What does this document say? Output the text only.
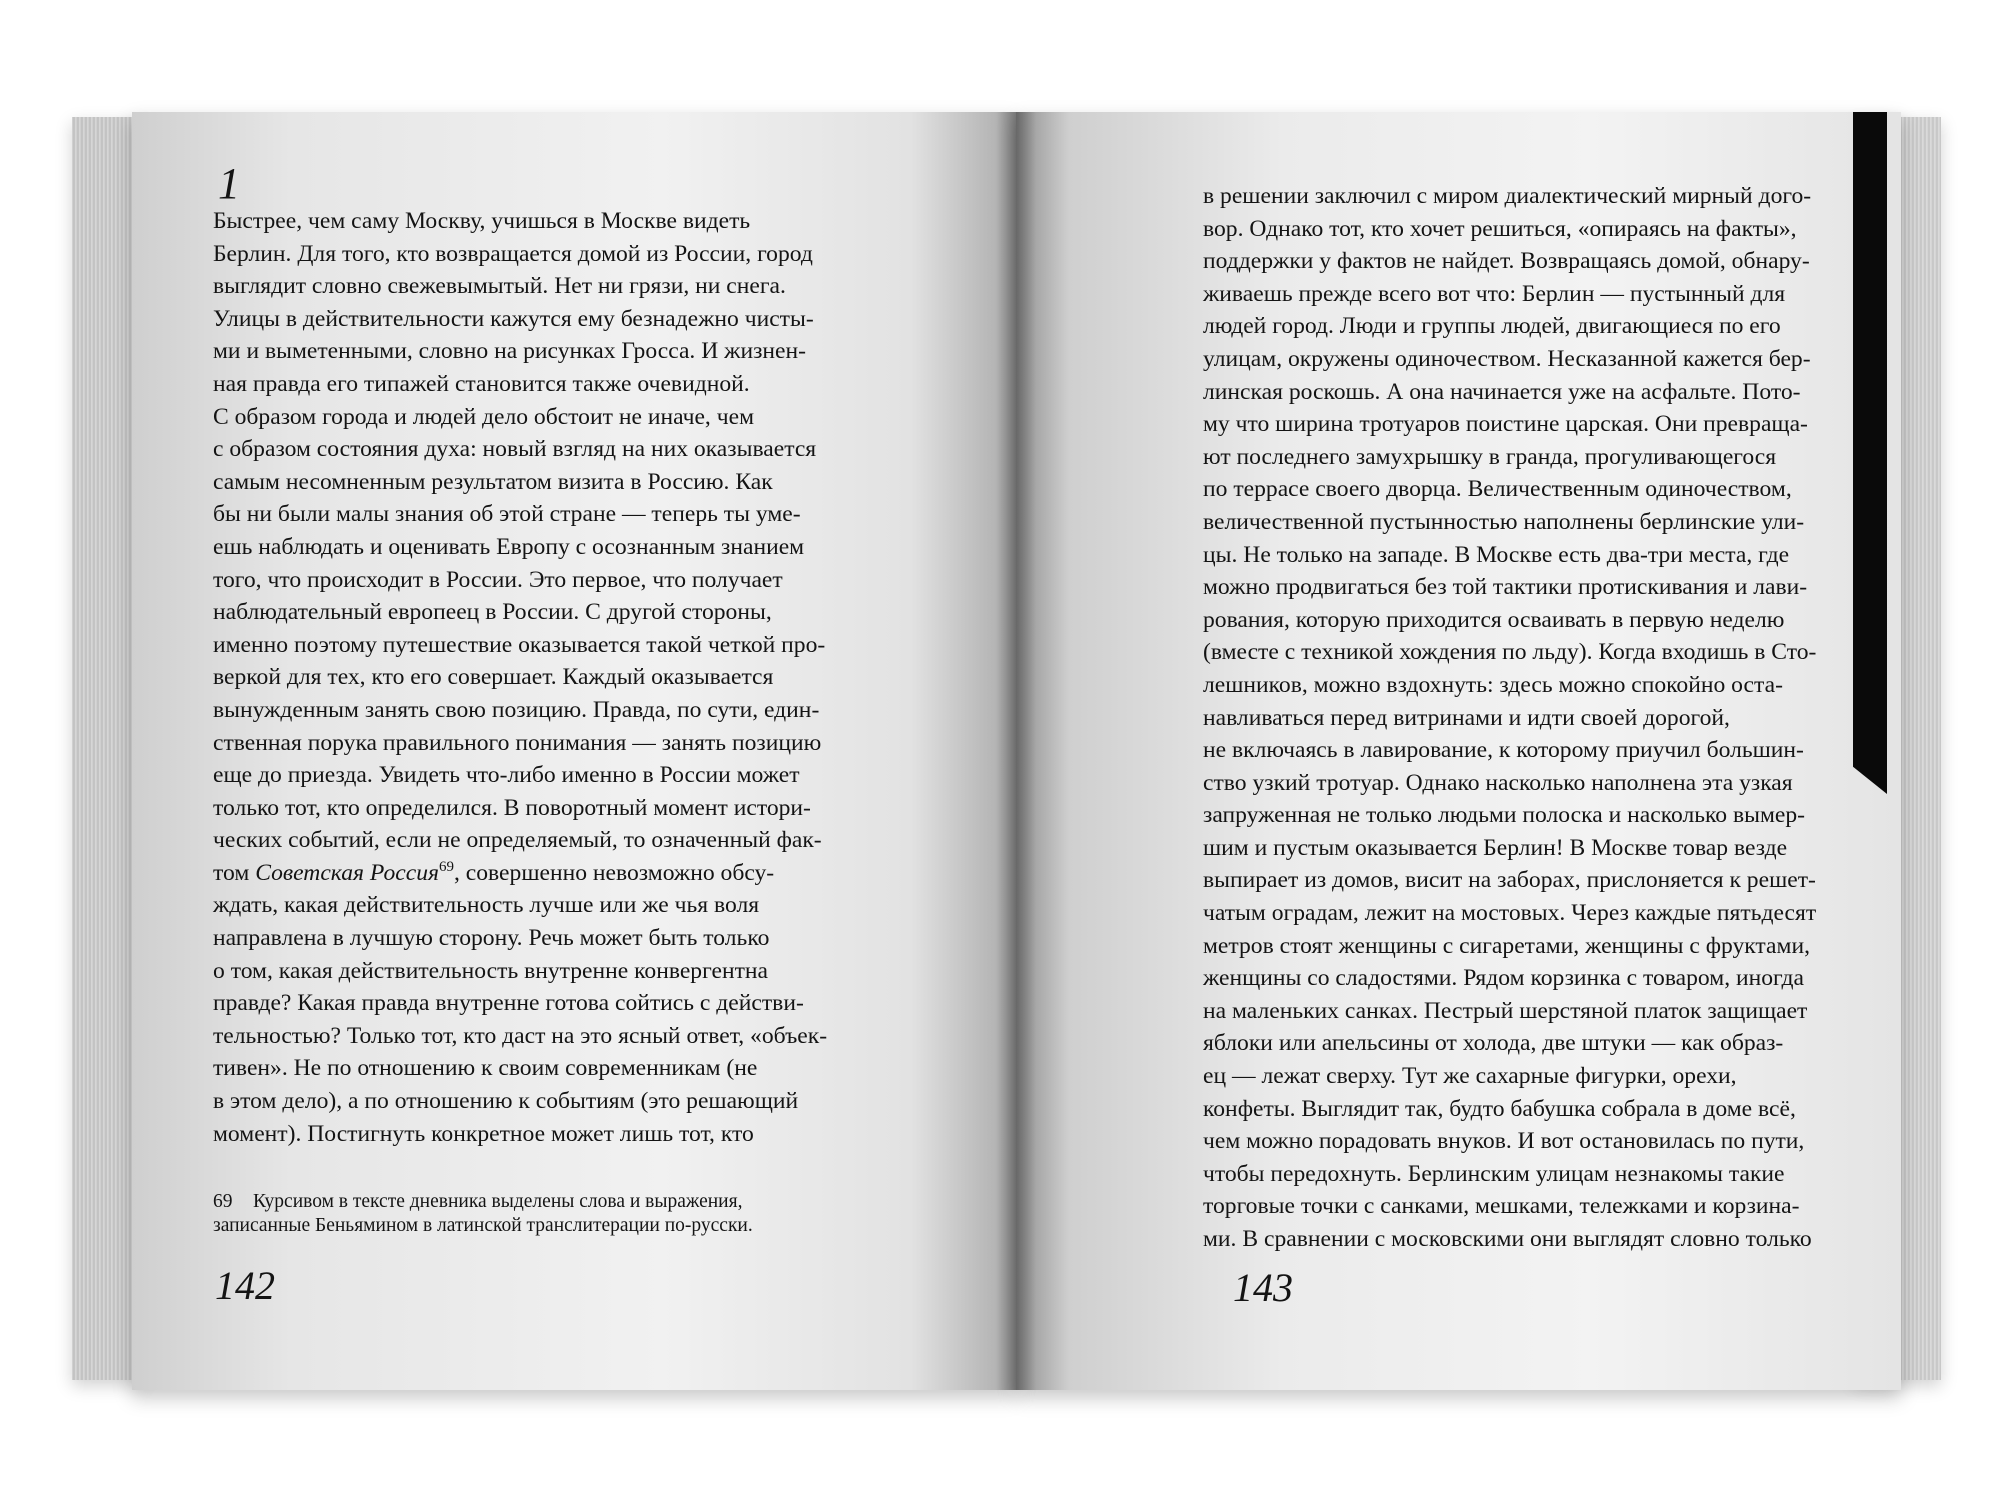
1

Быстрее, чем саму Москву, учишься в Москве видеть
Берлин. Для того, кто возвращается домой из России, город
выглядит словно свежевымытый. Нет ни грязи, ни снега.
Улицы в действительности кажутся ему безнадежно чисты-
ми и выметенными, словно на рисунках Гросса. И жизнен-
ная правда его типажей становится также очевидной.
С образом города и людей дело обстоит не иначе, чем
с образом состояния духа: новый взгляд на них оказывается
самым несомненным результатом визита в Россию. Как
бы ни были малы знания об этой стране — теперь ты уме-
ешь наблюдать и оценивать Европу с осознанным знанием
того, что происходит в России. Это первое, что получает
наблюдательный европеец в России. С другой стороны,
именно поэтому путешествие оказывается такой четкой про-
веркой для тех, кто его совершает. Каждый оказывается
вынужденным занять свою позицию. Правда, по сути, един-
ственная порука правильного понимания — занять позицию
еще до приезда. Увидеть что-либо именно в России может
только тот, кто определился. В поворотный момент истори-
ческих событий, если не определяемый, то означенный фак-
том Советская Россия$^{69}$, совершенно невозможно обсу-
ждать, какая действительность лучше или же чья воля
направлена в лучшую сторону. Речь может быть только
о том, какая действительность внутренне конвергентна
правде? Какая правда внутренне готова сойтись с действи-
тельностью? Только тот, кто даст на это ясный ответ, «объек-
тивен». Не по отношению к своим современникам (не
в этом дело), а по отношению к событиям (это решающий
момент). Постигнуть конкретное может лишь тот, кто
69 Курсивом в тексте дневника выделены слова и выражения,
записанные Беньямином в латинской транслитерации по-русски.

142

в решении заключил с миром диалектический мирный дого-
вор. Однако тот, кто хочет решиться, «опираясь на факты»,
поддержки у фактов не найдет. Возвращаясь домой, обнару-
живаешь прежде всего вот что: Берлин — пустынный для
людей город. Люди и группы людей, двигающиеся по его
улицам, окружены одиночеством. Несказанной кажется бер-
линская роскошь. А она начинается уже на асфальте. Пото-
му что ширина тротуаров поистине царская. Они превраща-
ют последнего замухрышку в гранда, прогуливающегося
по террасе своего дворца. Величественным одиночеством,
величественной пустынностью наполнены берлинские ули-
цы. Не только на западе. В Москве есть два-три места, где
можно продвигаться без той тактики протискивания и лави-
рования, которую приходится осваивать в первую неделю
(вместе с техникой хождения по льду). Когда входишь в Сто-
лешников, можно вздохнуть: здесь можно спокойно оста-
навливаться перед витринами и идти своей дорогой,
не включаясь в лавирование, к которому приучил большин-
ство узкий тротуар. Однако насколько наполнена эта узкая
запруженная не только людьми полоска и насколько вымер-
шим и пустым оказывается Берлин! В Москве товар везде
выпирает из домов, висит на заборах, прислоняется к решет-
чатым оградам, лежит на мостовых. Через каждые пятьдесят
метров стоят женщины с сигаретами, женщины с фруктами,
женщины со сладостями. Рядом корзинка с товаром, иногда
на маленьких санках. Пестрый шерстяной платок защищает
яблоки или апельсины от холода, две штуки — как образ-
ец — лежат сверху. Тут же сахарные фигурки, орехи,
конфеты. Выглядит так, будто бабушка собрала в доме всё,
чем можно порадовать внуков. И вот остановилась по пути,
чтобы передохнуть. Берлинским улицам незнакомы такие
торговые точки с санками, мешками, тележками и корзина-
ми. В сравнении с московскими они выглядят словно только

143
